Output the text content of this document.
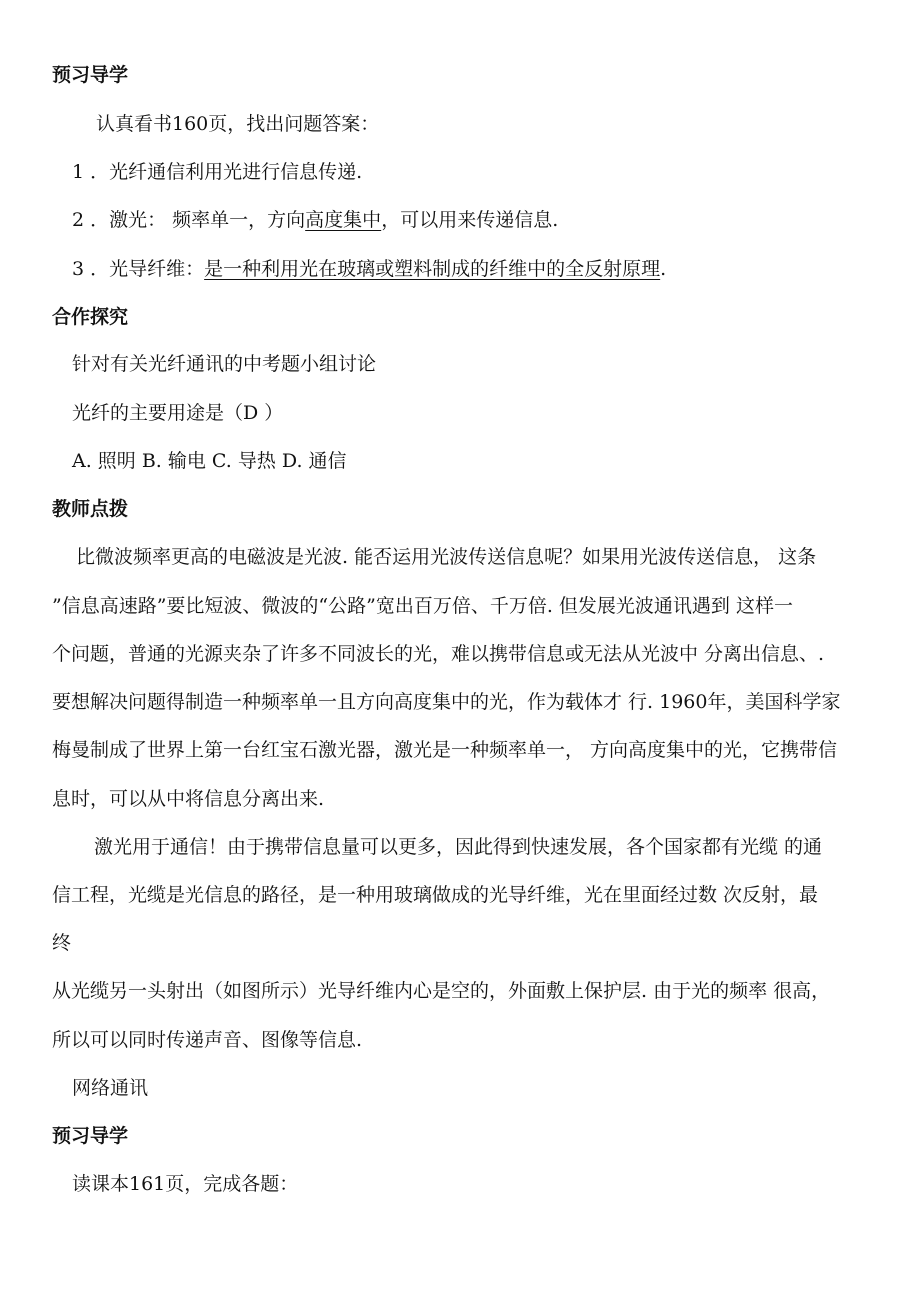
预习导学
认真看书160页，找出问题答案：
1 ．光纤通信利用光进行信息传递.
2 ．激光： 频率单一，方向高度集中，可以用来传递信息.
3 ．光导纤维：是一种利用光在玻璃或塑料制成的纤维中的全反射原理.
合作探究
针对有关光纤通讯的中考题小组讨论
光纤的主要用途是（D ）
A. 照明 B. 输电 C. 导热 D. 通信
教师点拨
比微波频率更高的电磁波是光波. 能否运用光波传送信息呢？如果用光波传送信息， 这条
”信息高速路”要比短波、微波的“公路”宽出百万倍、千万倍. 但发展光波通讯遇到 这样一
个问题，普通的光源夹杂了许多不同波长的光，难以携带信息或无法从光波中 分离出信息、.
要想解决问题得制造一种频率单一且方向高度集中的光，作为载体才 行. 1960年，美国科学家
梅曼制成了世界上第一台红宝石激光器，激光是一种频率单一， 方向高度集中的光，它携带信
息时，可以从中将信息分离出来.
激光用于通信！由于携带信息量可以更多，因此得到快速发展，各个国家都有光缆 的通
信工程，光缆是光信息的路径，是一种用玻璃做成的光导纤维，光在里面经过数 次反射，最
终
从光缆另一头射出（如图所示）光导纤维内心是空的，外面敷上保护层. 由于光的频率 很高，
所以可以同时传递声音、图像等信息.
网络通讯
预习导学
读课本161页，完成各题：
